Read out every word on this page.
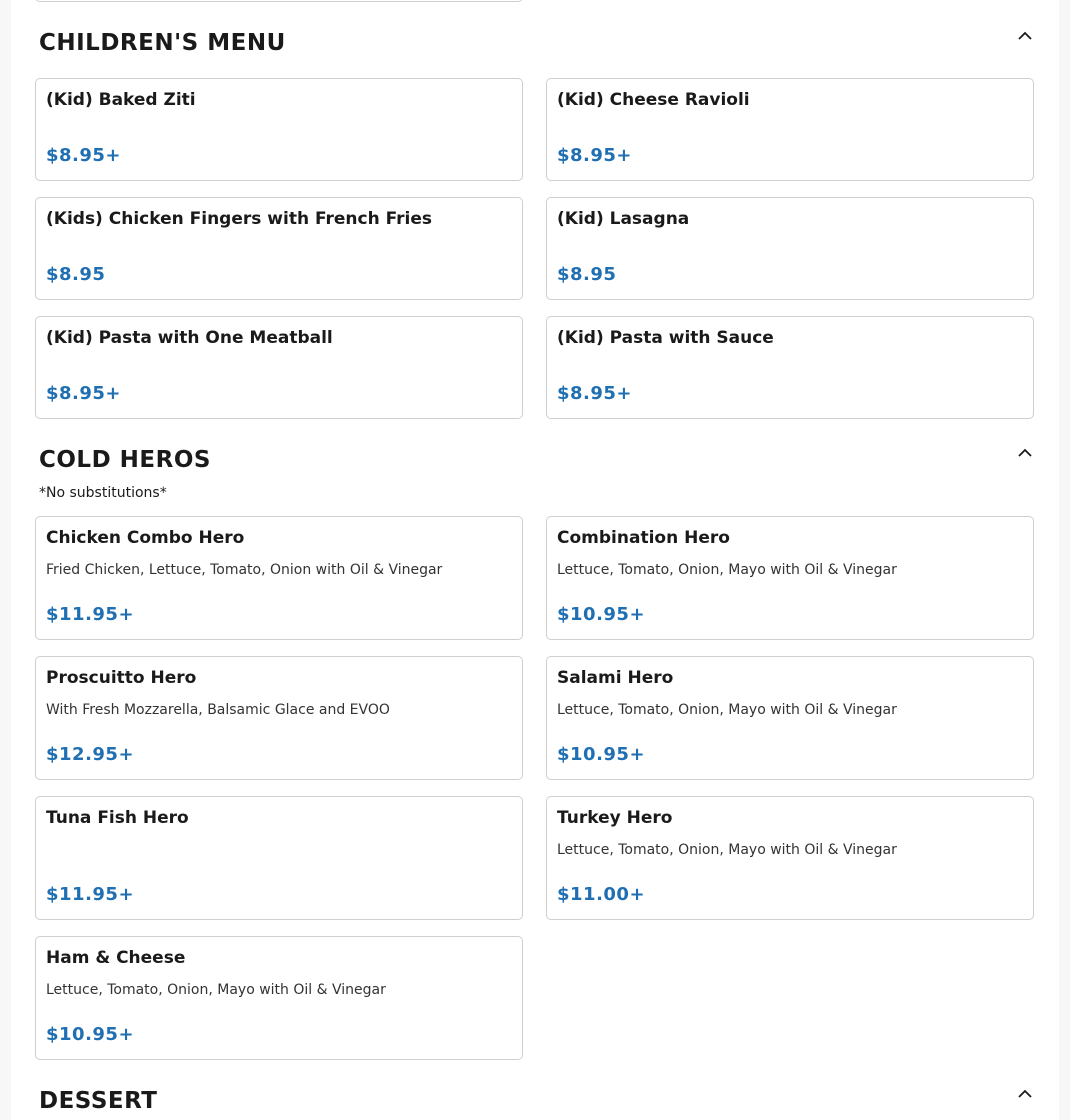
CHILDREN'S MENU
(Kid) Baked Ziti
$8.95+
(Kid) Cheese Ravioli
$8.95+
(Kids) Chicken Fingers with French Fries
$8.95
(Kid) Lasagna
$8.95
(Kid) Pasta with One Meatball
$8.95+
(Kid) Pasta with Sauce
$8.95+
COLD HEROS
*No substitutions*
Chicken Combo Hero
Fried Chicken, Lettuce, Tomato, Onion with Oil & Vinegar
$11.95+
Combination Hero
Lettuce, Tomato, Onion, Mayo with Oil & Vinegar
$10.95+
Proscuitto Hero
With Fresh Mozzarella, Balsamic Glace and EVOO
$12.95+
Salami Hero
Lettuce, Tomato, Onion, Mayo with Oil & Vinegar
$10.95+
Tuna Fish Hero
$11.95+
Turkey Hero
Lettuce, Tomato, Onion, Mayo with Oil & Vinegar
$11.00+
Ham & Cheese
Lettuce, Tomato, Onion, Mayo with Oil & Vinegar
$10.95+
DESSERT
